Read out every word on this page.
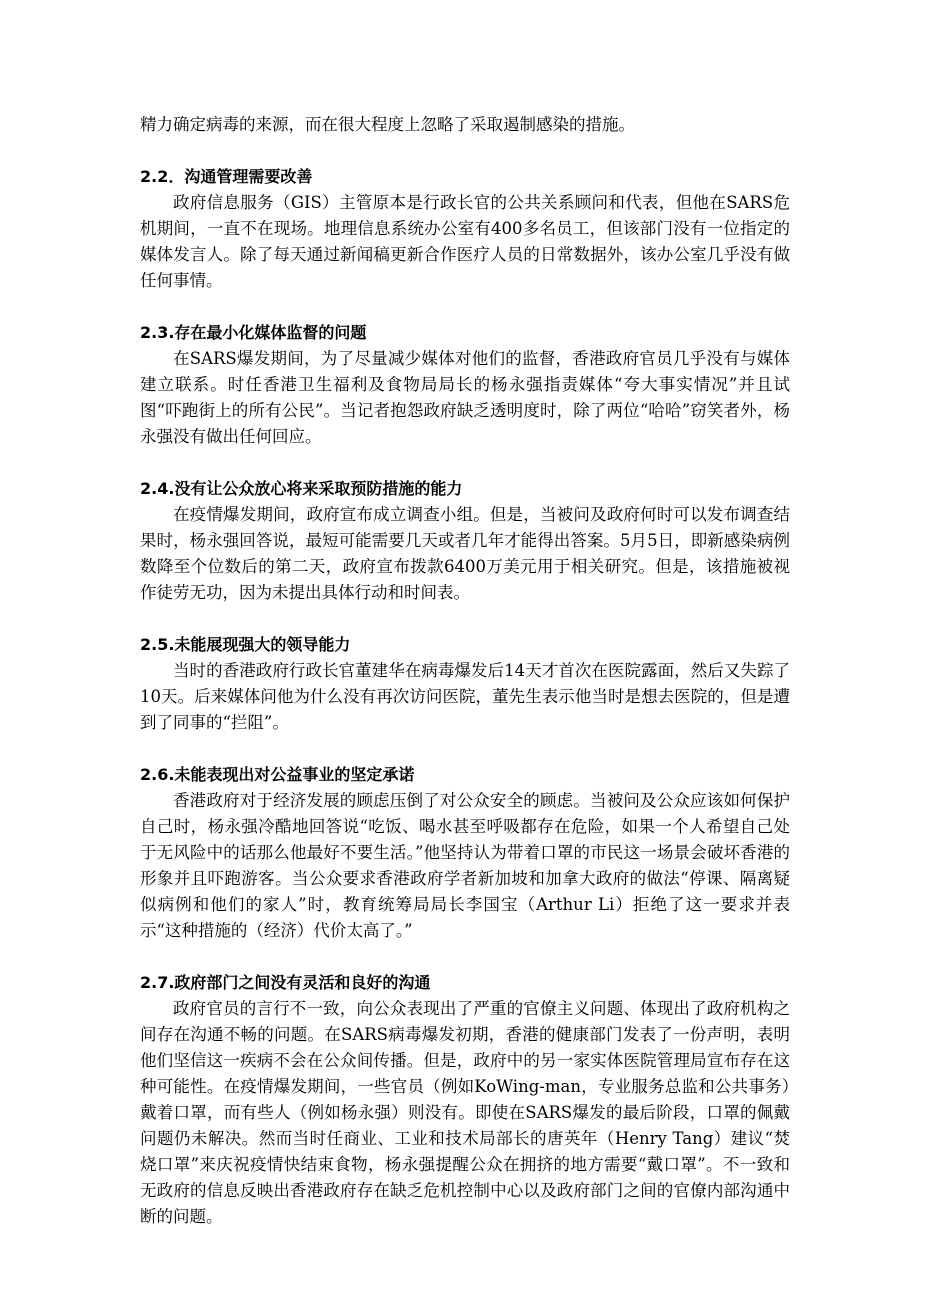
精力确定病毒的来源，而在很大程度上忽略了采取遏制感染的措施。

2.2．沟通管理需要改善

政府信息服务（GIS）主管原本是行政长官的公共关系顾问和代表，但他在SARS危机期间，一直不在现场。地理信息系统办公室有400多名员工，但该部门没有一位指定的媒体发言人。除了每天通过新闻稿更新合作医疗人员的日常数据外，该办公室几乎没有做任何事情。

2.3.存在最小化媒体监督的问题

在SARS爆发期间，为了尽量减少媒体对他们的监督，香港政府官员几乎没有与媒体建立联系。时任香港卫生福利及食物局局长的杨永强指责媒体“夸大事实情况”并且试图“吓跑街上的所有公民”。当记者抱怨政府缺乏透明度时，除了两位“哈哈”窃笑者外，杨永强没有做出任何回应。

2.4.没有让公众放心将来采取预防措施的能力

在疫情爆发期间，政府宣布成立调查小组。但是，当被问及政府何时可以发布调查结果时，杨永强回答说，最短可能需要几天或者几年才能得出答案。5月5日，即新感染病例数降至个位数后的第二天，政府宣布拨款6400万美元用于相关研究。但是，该措施被视作徒劳无功，因为未提出具体行动和时间表。

2.5.未能展现强大的领导能力

当时的香港政府行政长官董建华在病毒爆发后14天才首次在医院露面，然后又失踪了10天。后来媒体问他为什么没有再次访问医院，董先生表示他当时是想去医院的，但是遭到了同事的“拦阻”。

2.6.未能表现出对公益事业的坚定承诺

香港政府对于经济发展的顾虑压倒了对公众安全的顾虑。当被问及公众应该如何保护自己时，杨永强冷酷地回答说“吃饭、喝水甚至呼吸都存在危险，如果一个人希望自己处于无风险中的话那么他最好不要生活。”他坚持认为带着口罩的市民这一场景会破坏香港的形象并且吓跑游客。当公众要求香港政府学者新加坡和加拿大政府的做法“停课、隔离疑似病例和他们的家人”时，教育统筹局局长李国宝（Arthur Li）拒绝了这一要求并表示“这种措施的（经济）代价太高了。”

2.7.政府部门之间没有灵活和良好的沟通

政府官员的言行不一致，向公众表现出了严重的官僚主义问题、体现出了政府机构之间存在沟通不畅的问题。在SARS病毒爆发初期，香港的健康部门发表了一份声明，表明他们坚信这一疾病不会在公众间传播。但是，政府中的另一家实体医院管理局宣布存在这种可能性。在疫情爆发期间，一些官员（例如KoWing-man，专业服务总监和公共事务）戴着口罩，而有些人（例如杨永强）则没有。即使在SARS爆发的最后阶段，口罩的佩戴问题仍未解决。然而当时任商业、工业和技术局部长的唐英年（Henry Tang）建议“焚烧口罩”来庆祝疫情快结束食物，杨永强提醒公众在拥挤的地方需要“戴口罩”。不一致和无政府的信息反映出香港政府存在缺乏危机控制中心以及政府部门之间的官僚内部沟通中断的问题。
